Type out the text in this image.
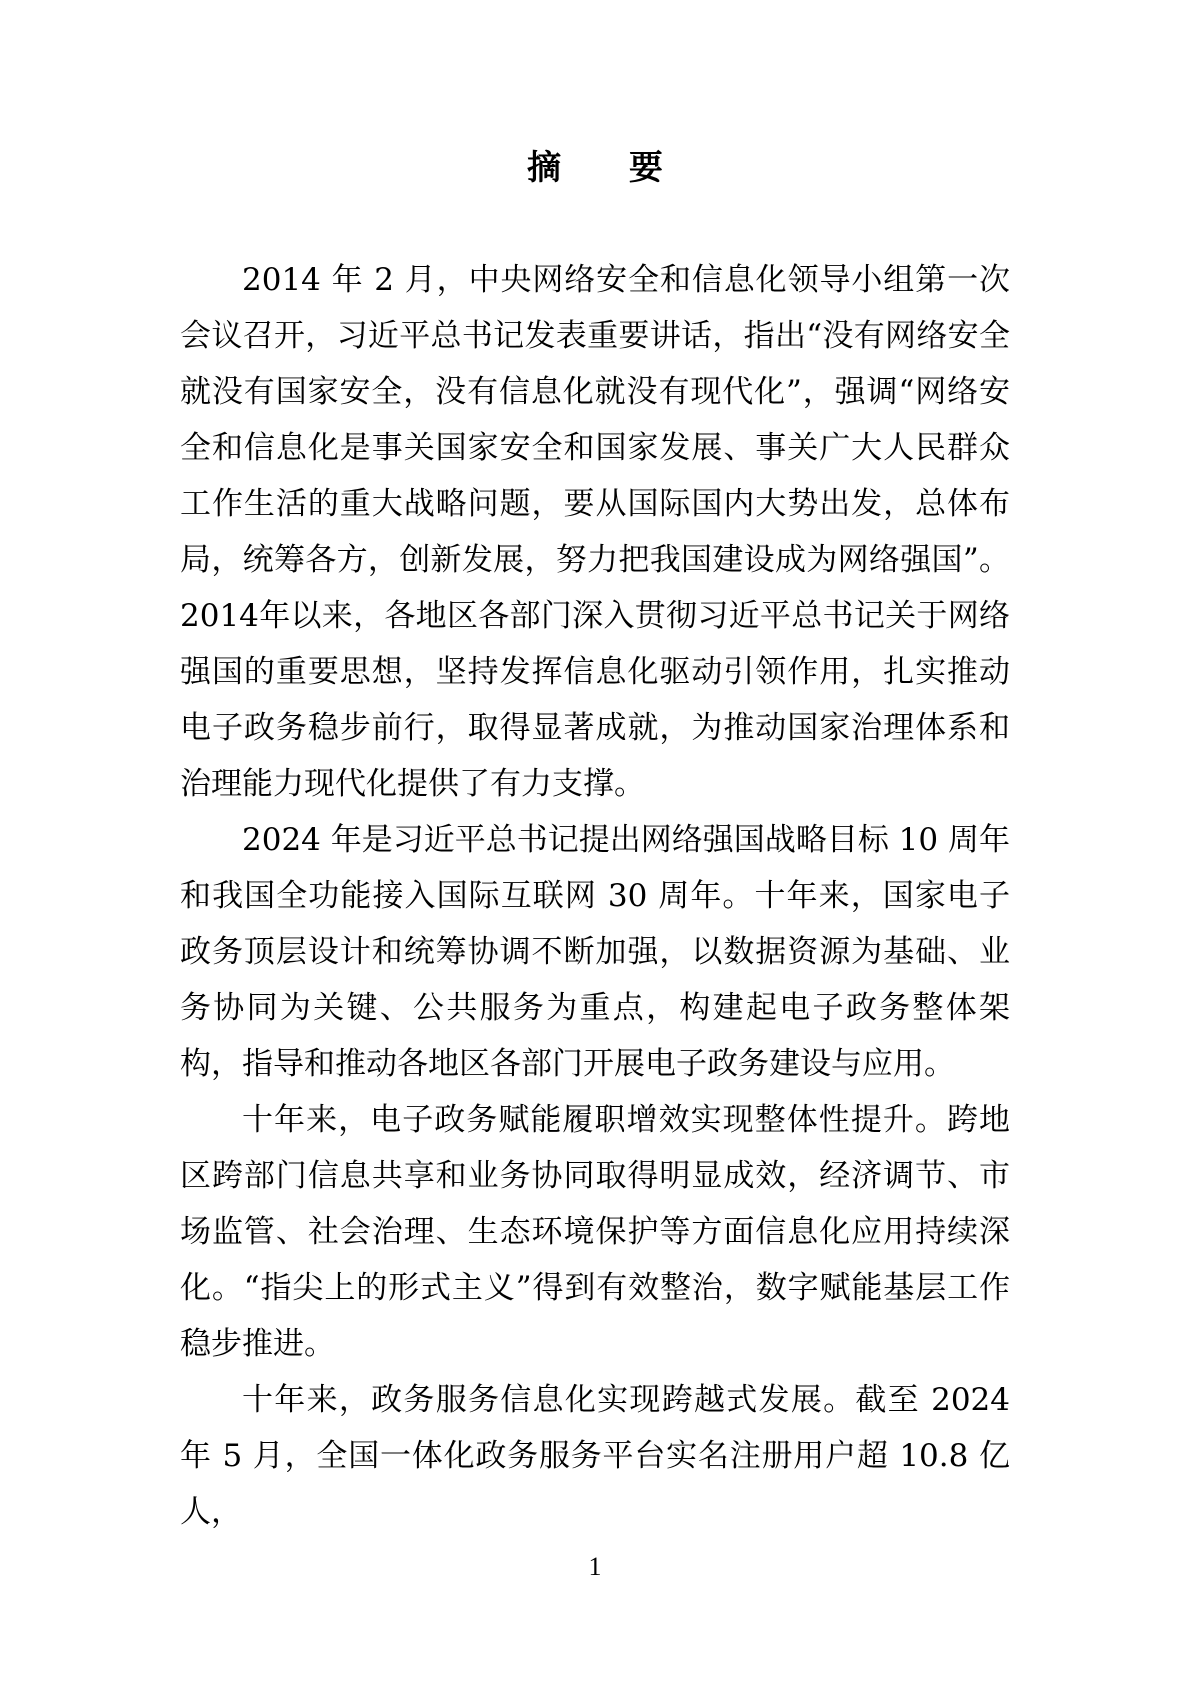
摘 要

2014 年 2 月，中央网络安全和信息化领导小组第一次会议召开，习近平总书记发表重要讲话，指出“没有网络安全就没有国家安全，没有信息化就没有现代化”，强调“网络安全和信息化是事关国家安全和国家发展、事关广大人民群众工作生活的重大战略问题，要从国际国内大势出发，总体布局，统筹各方，创新发展，努力把我国建设成为网络强国”。2014年以来，各地区各部门深入贯彻习近平总书记关于网络强国的重要思想，坚持发挥信息化驱动引领作用，扎实推动电子政务稳步前行，取得显著成就，为推动国家治理体系和治理能力现代化提供了有力支撑。

2024 年是习近平总书记提出网络强国战略目标 10 周年和我国全功能接入国际互联网 30 周年。十年来，国家电子政务顶层设计和统筹协调不断加强，以数据资源为基础、业务协同为关键、公共服务为重点，构建起电子政务整体架构，指导和推动各地区各部门开展电子政务建设与应用。

十年来，电子政务赋能履职增效实现整体性提升。跨地区跨部门信息共享和业务协同取得明显成效，经济调节、市场监管、社会治理、生态环境保护等方面信息化应用持续深化。“指尖上的形式主义”得到有效整治，数字赋能基层工作稳步推进。

十年来，政务服务信息化实现跨越式发展。截至 2024年 5 月，全国一体化政务服务平台实名注册用户超 10.8 亿人，

1
